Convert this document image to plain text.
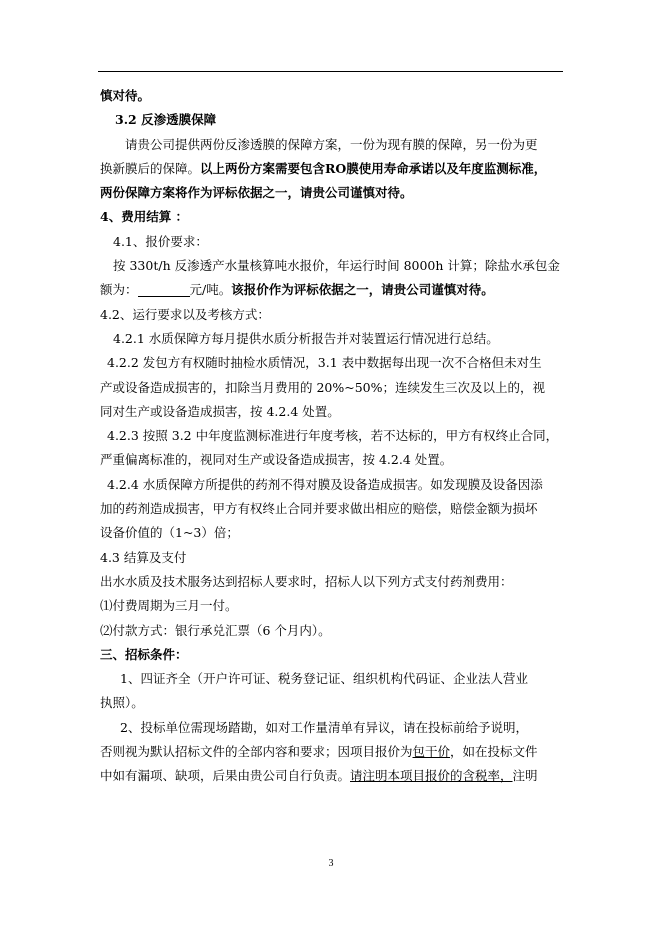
慎对待。

3.2 反渗透膜保障

请贵公司提供两份反渗透膜的保障方案，一份为现有膜的保障，另一份为更

换新膜后的保障。以上两份方案需要包含RO膜使用寿命承诺以及年度监测标准，

两份保障方案将作为评标依据之一，请贵公司谨慎对待。

4、费用结算 ：

4.1、报价要求：

按 330t/h 反渗透产水量核算吨水报价，年运行时间 8000h 计算；除盐水承包金

额为：	元/吨。该报价作为评标依据之一，请贵公司谨慎对待。

4.2、运行要求以及考核方式：

4.2.1 水质保障方每月提供水质分析报告并对装置运行情况进行总结。

4.2.2 发包方有权随时抽检水质情况，3.1 表中数据每出现一次不合格但未对生

产或设备造成损害的，扣除当月费用的 20%~50%；连续发生三次及以上的，视

同对生产或设备造成损害，按 4.2.4 处置。

4.2.3 按照 3.2 中年度监测标准进行年度考核，若不达标的，甲方有权终止合同，

严重偏离标准的，视同对生产或设备造成损害，按 4.2.4 处置。

4.2.4 水质保障方所提供的药剂不得对膜及设备造成损害。如发现膜及设备因添

加的药剂造成损害，甲方有权终止合同并要求做出相应的赔偿，赔偿金额为损坏

设备价值的（1~3）倍；

4.3 结算及支付

出水水质及技术服务达到招标人要求时，招标人以下列方式支付药剂费用：

⑴付费周期为三月一付。

⑵付款方式：银行承兑汇票（6 个月内）。

三、招标条件：

1、四证齐全（开户许可证、税务登记证、组织机构代码证、企业法人营业

执照）。

2、投标单位需现场踏勘，如对工作量清单有异议，请在投标前给予说明，

否则视为默认招标文件的全部内容和要求；因项目报价为包干价，如在投标文件

中如有漏项、缺项，后果由贵公司自行负责。请注明本项目报价的含税率，注明

3
